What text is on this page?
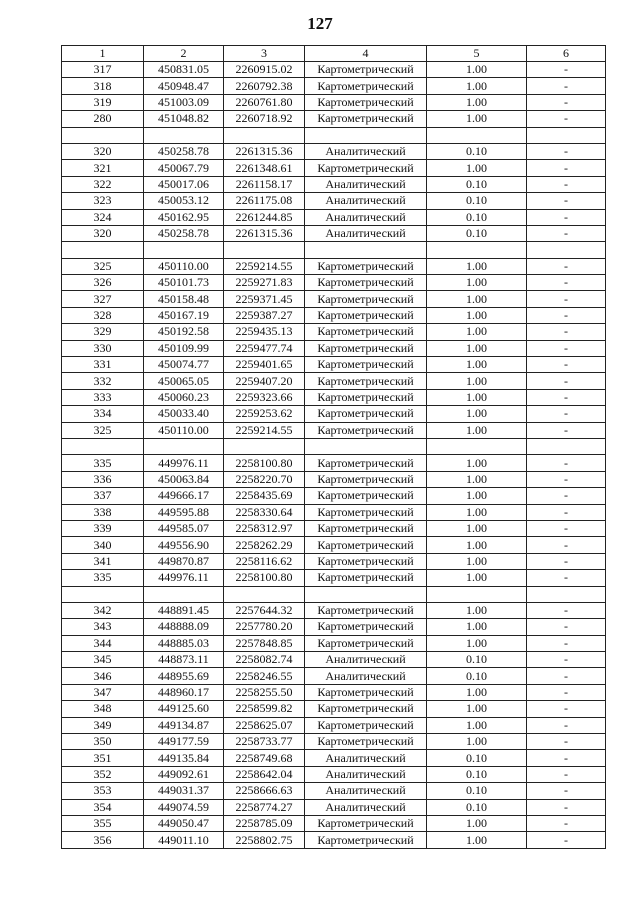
127
1	2	3	4	5	6
317	450831.05	2260915.02	Картометрический	1.00	-
318	450948.47	2260792.38	Картометрический	1.00	-
319	451003.09	2260761.80	Картометрический	1.00	-
280	451048.82	2260718.92	Картометрический	1.00	-

320	450258.78	2261315.36	Аналитический	0.10	-
321	450067.79	2261348.61	Картометрический	1.00	-
322	450017.06	2261158.17	Аналитический	0.10	-
323	450053.12	2261175.08	Аналитический	0.10	-
324	450162.95	2261244.85	Аналитический	0.10	-
320	450258.78	2261315.36	Аналитический	0.10	-

325	450110.00	2259214.55	Картометрический	1.00	-
326	450101.73	2259271.83	Картометрический	1.00	-
327	450158.48	2259371.45	Картометрический	1.00	-
328	450167.19	2259387.27	Картометрический	1.00	-
329	450192.58	2259435.13	Картометрический	1.00	-
330	450109.99	2259477.74	Картометрический	1.00	-
331	450074.77	2259401.65	Картометрический	1.00	-
332	450065.05	2259407.20	Картометрический	1.00	-
333	450060.23	2259323.66	Картометрический	1.00	-
334	450033.40	2259253.62	Картометрический	1.00	-
325	450110.00	2259214.55	Картометрический	1.00	-

335	449976.11	2258100.80	Картометрический	1.00	-
336	450063.84	2258220.70	Картометрический	1.00	-
337	449666.17	2258435.69	Картометрический	1.00	-
338	449595.88	2258330.64	Картометрический	1.00	-
339	449585.07	2258312.97	Картометрический	1.00	-
340	449556.90	2258262.29	Картометрический	1.00	-
341	449870.87	2258116.62	Картометрический	1.00	-
335	449976.11	2258100.80	Картометрический	1.00	-

342	448891.45	2257644.32	Картометрический	1.00	-
343	448888.09	2257780.20	Картометрический	1.00	-
344	448885.03	2257848.85	Картометрический	1.00	-
345	448873.11	2258082.74	Аналитический	0.10	-
346	448955.69	2258246.55	Аналитический	0.10	-
347	448960.17	2258255.50	Картометрический	1.00	-
348	449125.60	2258599.82	Картометрический	1.00	-
349	449134.87	2258625.07	Картометрический	1.00	-
350	449177.59	2258733.77	Картометрический	1.00	-
351	449135.84	2258749.68	Аналитический	0.10	-
352	449092.61	2258642.04	Аналитический	0.10	-
353	449031.37	2258666.63	Аналитический	0.10	-
354	449074.59	2258774.27	Аналитический	0.10	-
355	449050.47	2258785.09	Картометрический	1.00	-
356	449011.10	2258802.75	Картометрический	1.00	-
